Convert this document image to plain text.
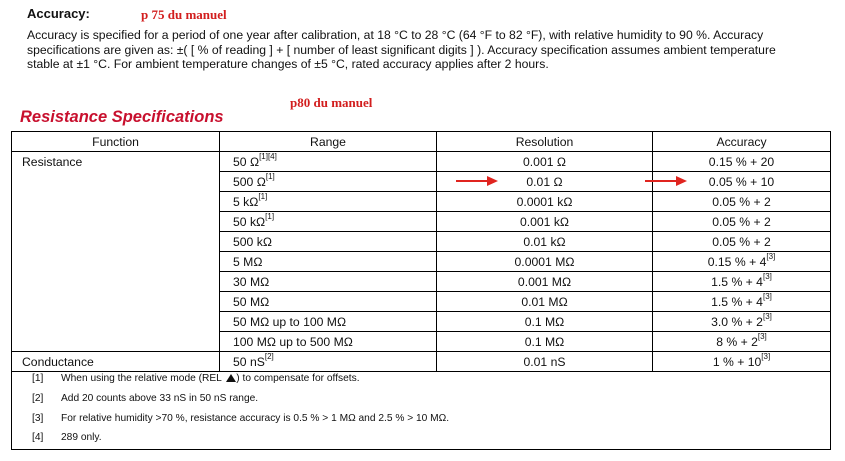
Accuracy:	p 75 du manuel
Accuracy is specified for a period of one year after calibration, at 18 °C to 28 °C (64 °F to 82 °F), with relative humidity to 90 %. Accuracy
specifications are given as: ±( [ % of reading ] + [ number of least significant digits ] ). Accuracy specification assumes ambient temperature
stable at ±1 °C. For ambient temperature changes of ±5 °C, rated accuracy applies after 2 hours.
p80 du manuel
Resistance Specifications
Function	Range	Resolution	Accuracy
Resistance	50 Ω[1][4]	0.001 Ω	0.15 % + 20
	500 Ω[1]	0.01 Ω	0.05 % + 10
	5 kΩ[1]	0.0001 kΩ	0.05 % + 2
	50 kΩ[1]	0.001 kΩ	0.05 % + 2
	500 kΩ	0.01 kΩ	0.05 % + 2
	5 MΩ	0.0001 MΩ	0.15 % + 4[3]
	30 MΩ	0.001 MΩ	1.5 % + 4[3]
	50 MΩ	0.01 MΩ	1.5 % + 4[3]
	50 MΩ up to 100 MΩ	0.1 MΩ	3.0 % + 2[3]
	100 MΩ up to 500 MΩ	0.1 MΩ	8 % + 2[3]
Conductance	50 nS[2]	0.01 nS	1 % + 10[3]
[1] When using the relative mode (REL ) to compensate for offsets.
[2] Add 20 counts above 33 nS in 50 nS range.
[3] For relative humidity >70 %, resistance accuracy is 0.5 % > 1 MΩ and 2.5 % > 10 MΩ.
[4] 289 only.
